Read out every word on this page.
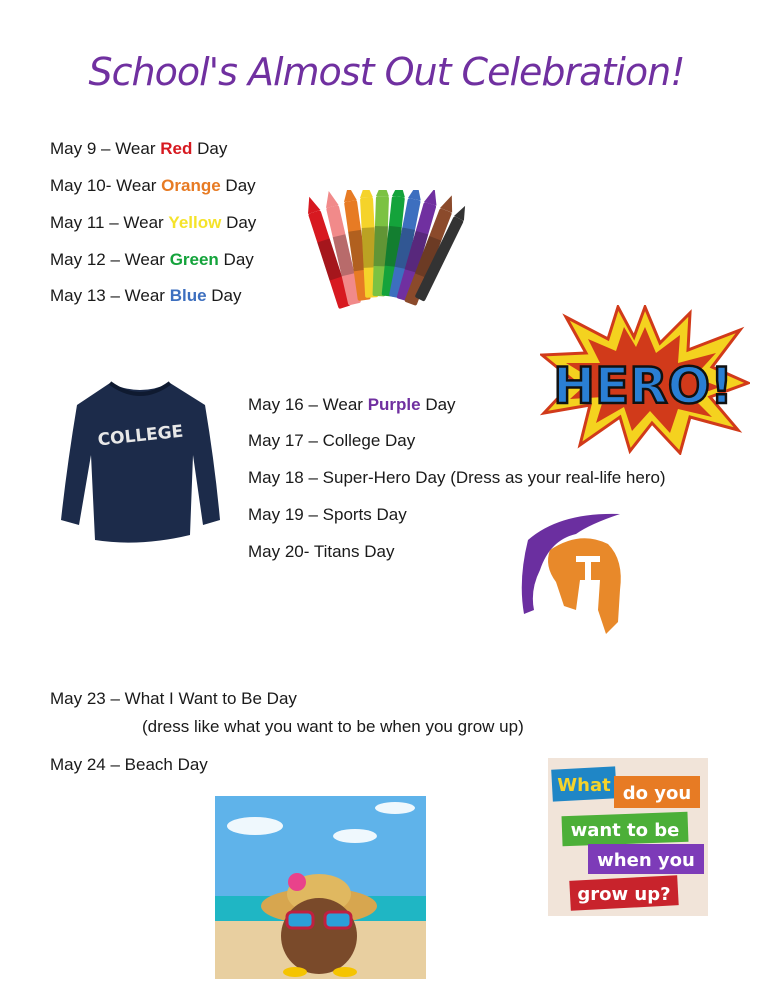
School's Almost Out Celebration!
May 9 – Wear Red Day
May 10- Wear Orange Day
May 11 – Wear Yellow Day
May 12 – Wear Green Day
May 13 – Wear Blue Day
HERO!
COLLEGE
May 16 – Wear Purple Day
May 17 – College Day
May 18 – Super-Hero Day (Dress as your real-life hero)
May 19 – Sports Day
May 20- Titans Day
May 23 – What I Want to Be Day
(dress like what you want to be when you grow up)
May 24 – Beach Day
What do you
want to be
when you
grow up?
